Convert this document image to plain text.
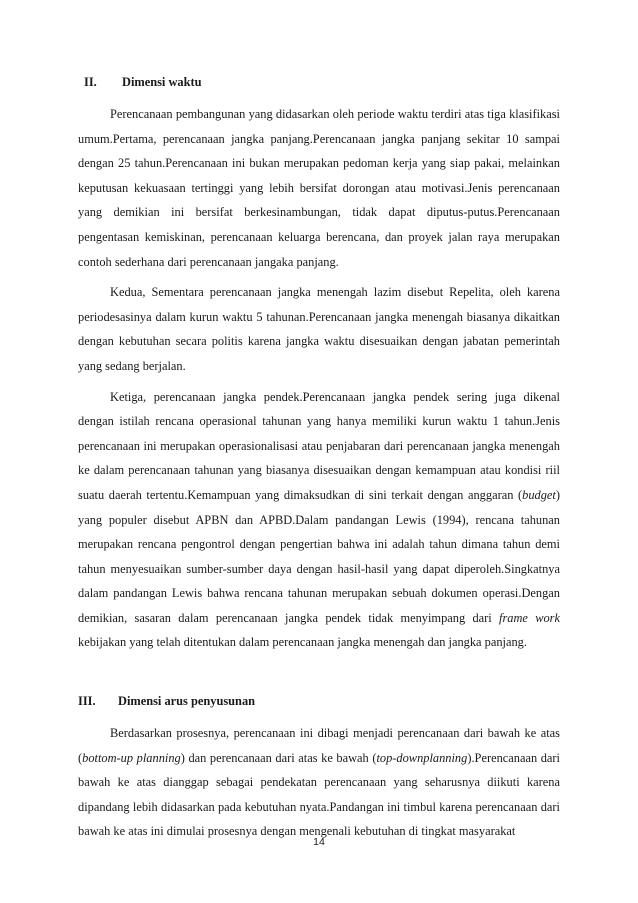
II.	Dimensi waktu

Perencanaan pembangunan yang didasarkan oleh periode waktu terdiri atas tiga klasifikasi umum.Pertama, perencanaan jangka panjang.Perencanaan jangka panjang sekitar 10 sampai dengan 25 tahun.Perencanaan ini bukan merupakan pedoman kerja yang siap pakai, melainkan keputusan kekuasaan tertinggi yang lebih bersifat dorongan atau motivasi.Jenis perencanaan yang demikian ini bersifat berkesinambungan, tidak dapat diputus-putus.Perencanaan pengentasan kemiskinan, perencanaan keluarga berencana, dan proyek jalan raya merupakan contoh sederhana dari perencanaan jangaka panjang.

Kedua, Sementara perencanaan jangka menengah lazim disebut Repelita, oleh karena periodesasinya dalam kurun waktu 5 tahunan.Perencanaan jangka menengah biasanya dikaitkan dengan kebutuhan secara politis karena jangka waktu disesuaikan dengan jabatan pemerintah yang sedang berjalan.

Ketiga, perencanaan jangka pendek.Perencanaan jangka pendek sering juga dikenal dengan istilah rencana operasional tahunan yang hanya memiliki kurun waktu 1 tahun.Jenis perencanaan ini merupakan operasionalisasi atau penjabaran dari perencanaan jangka menengah ke dalam perencanaan tahunan yang biasanya disesuaikan dengan kemampuan atau kondisi riil suatu daerah tertentu.Kemampuan yang dimaksudkan di sini terkait dengan anggaran (budget) yang populer disebut APBN dan APBD.Dalam pandangan Lewis (1994), rencana tahunan merupakan rencana pengontrol dengan pengertian bahwa ini adalah tahun dimana tahun demi tahun menyesuaikan sumber-sumber daya dengan hasil-hasil yang dapat diperoleh.Singkatnya dalam pandangan Lewis bahwa rencana tahunan merupakan sebuah dokumen operasi.Dengan demikian, sasaran dalam perencanaan jangka pendek tidak menyimpang dari frame work kebijakan yang telah ditentukan dalam perencanaan jangka menengah dan jangka panjang.

III.	Dimensi arus penyusunan

Berdasarkan prosesnya, perencanaan ini dibagi menjadi perencanaan dari bawah ke atas (bottom-up planning) dan perencanaan dari atas ke bawah (top-downplanning).Perencanaan dari bawah ke atas dianggap sebagai pendekatan perencanaan yang seharusnya diikuti karena dipandang lebih didasarkan pada kebutuhan nyata.Pandangan ini timbul karena perencanaan dari bawah ke atas ini dimulai prosesnya dengan mengenali kebutuhan di tingkat masyarakat

14
